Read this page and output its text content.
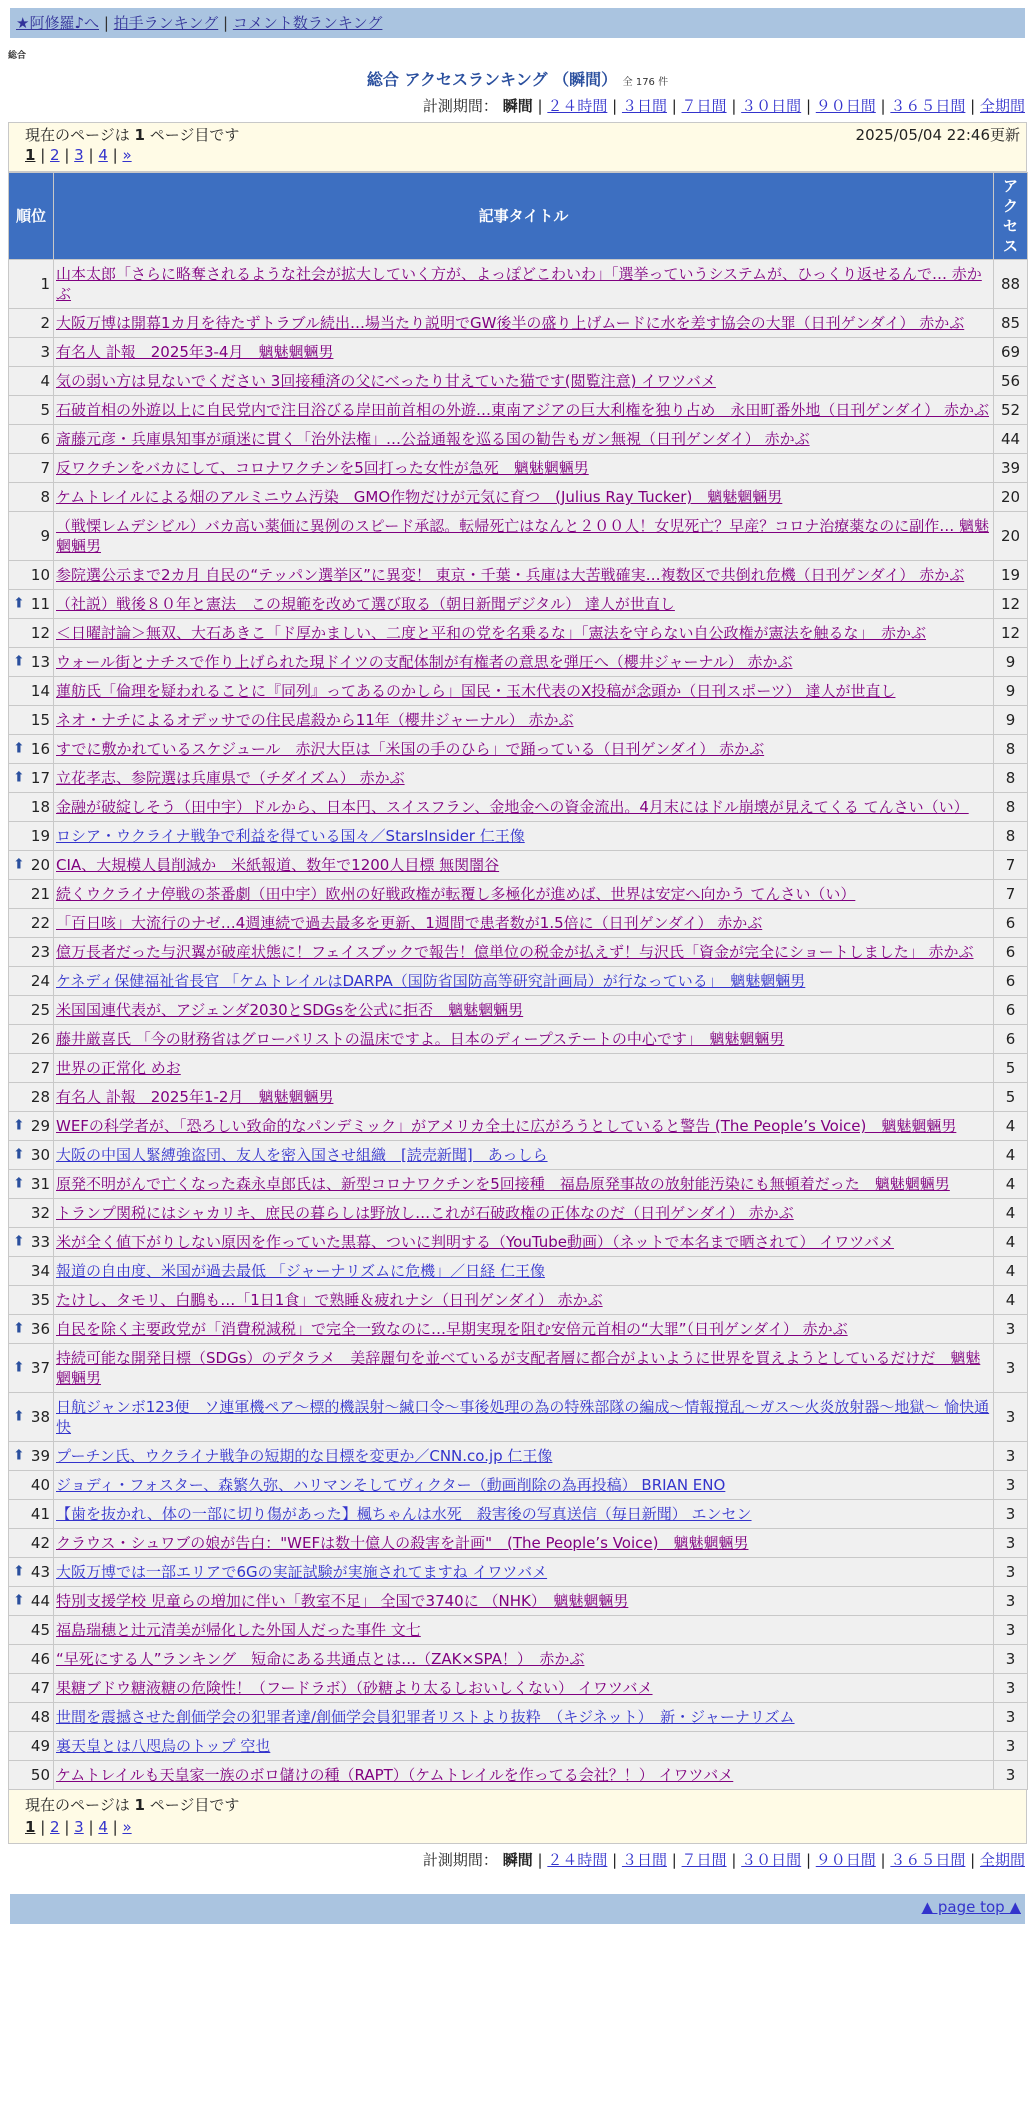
★阿修羅♪へ | 拍手ランキング | コメント数ランキング
総合
総合 アクセスランキング （瞬間） 全 176 件
計測期間： 瞬間 | ２４時間 | ３日間 | ７日間 | ３０日間 | ９０日間 | ３６５日間 | 全期間
現在のページは 1 ページ目です	2025/05/04 22:46更新
1 | 2 | 3 | 4 | »
順位	記事タイトル	アクセス
1	山本太郎「さらに略奪されるような社会が拡大していく方が、よっぽどこわいわ」「選挙っていうシステムが、ひっくり返せるんで… 赤かぶ	88
2	大阪万博は開幕1カ月を待たずトラブル続出…場当たり説明でGW後半の盛り上げムードに水を差す協会の大罪（日刊ゲンダイ） 赤かぶ	85
3	有名人 訃報　2025年3-4月　魑魅魍魎男	69
4	気の弱い方は見ないでください 3回接種済の父にべったり甘えていた猫です(閲覧注意) イワツバメ	56
5	石破首相の外遊以上に自民党内で注目浴びる岸田前首相の外遊…東南アジアの巨大利権を独り占め　永田町番外地（日刊ゲンダイ） 赤かぶ	52
6	斎藤元彦・兵庫県知事が頑迷に貫く「治外法権」…公益通報を巡る国の勧告もガン無視（日刊ゲンダイ） 赤かぶ	44
7	反ワクチンをバカにして、コロナワクチンを5回打った女性が急死　魑魅魍魎男	39
8	ケムトレイルによる畑のアルミニウム汚染　GMO作物だけが元気に育つ　(Julius Ray Tucker)　魑魅魍魎男	20
9	（戦慄レムデシビル）バカ高い薬価に異例のスピード承認。転帰死亡はなんと２００人！女児死亡？早産？コロナ治療薬なのに副作… 魑魅魍魎男	20
10	参院選公示まで2カ月 自民の“テッパン選挙区”に異変！ 東京・千葉・兵庫は大苦戦確実…複数区で共倒れ危機（日刊ゲンダイ） 赤かぶ	19

⬆ 11	（社説）戦後８０年と憲法　この規範を改めて選び取る（朝日新聞デジタル） 達人が世直し	12
12	＜日曜討論＞無双、大石あきこ「ド厚かましい、二度と平和の党を名乗るな」「憲法を守らない自公政権が憲法を触るな」　赤かぶ	12

⬆ 13	ウォール街とナチスで作り上げられた現ドイツの支配体制が有権者の意思を弾圧へ（櫻井ジャーナル） 赤かぶ	9
14	蓮舫氏「倫理を疑われることに『同列』ってあるのかしら」国民・玉木代表のX投稿が念頭か（日刊スポーツ） 達人が世直し	9
15	ネオ・ナチによるオデッサでの住民虐殺から11年（櫻井ジャーナル） 赤かぶ	9

⬆ 16	すでに敷かれているスケジュール　赤沢大臣は「米国の手のひら」で踊っている（日刊ゲンダイ） 赤かぶ	8

⬆ 17	立花孝志、参院選は兵庫県で（チダイズム） 赤かぶ	8
18	金融が破綻しそう（田中宇）ドルから、日本円、スイスフラン、金地金への資金流出。4月末にはドル崩壊が見えてくる てんさい（い）	8
19	ロシア・ウクライナ戦争で利益を得ている国々／StarsInsider 仁王像	8

⬆ 20	CIA、大規模人員削減か　米紙報道、数年で1200人目標 無関闇谷	7
21	続くウクライナ停戦の茶番劇（田中宇）欧州の好戦政権が転覆し多極化が進めば、世界は安定へ向かう てんさい（い）	7
22	「百日咳」大流行のナゼ…4週連続で過去最多を更新、1週間で患者数が1.5倍に（日刊ゲンダイ） 赤かぶ	6
23	億万長者だった与沢翼が破産状態に！フェイスブックで報告！億単位の税金が払えず！与沢氏「資金が完全にショートしました」 赤かぶ	6
24	ケネディ保健福祉省長官 「ケムトレイルはDARPA（国防省国防高等研究計画局）が行なっている」　魑魅魍魎男	6
25	米国国連代表が、アジェンダ2030とSDGsを公式に拒否　魑魅魍魎男	6
26	藤井厳喜氏 「今の財務省はグローバリストの温床ですよ。日本のディープステートの中心です」　魑魅魍魎男	6
27	世界の正常化 めお	5
28	有名人 訃報　2025年1-2月　魑魅魍魎男	5

⬆ 29	WEFの科学者が、「恐ろしい致命的なパンデミック」がアメリカ全土に広がろうとしていると警告 (The People’s Voice)　魑魅魍魎男	4

⬆ 30	大阪の中国人緊縛強盗団、友人を密入国させ組織　[読売新聞]　あっしら	4

⬆ 31	原発不明がんで亡くなった森永卓郎氏は、新型コロナワクチンを5回接種　福島原発事故の放射能汚染にも無頓着だった　魑魅魍魎男	4
32	トランプ関税にはシャカリキ、庶民の暮らしは野放し…これが石破政権の正体なのだ（日刊ゲンダイ） 赤かぶ	4

⬆ 33	米が全く値下がりしない原因を作っていた黒幕、ついに判明する（YouTube動画）（ネットで本名まで晒されて） イワツバメ	4
34	報道の自由度、米国が過去最低 「ジャーナリズムに危機」／日経 仁王像	4
35	たけし、タモリ、白鵬も…「1日1食」で熟睡＆疲れナシ（日刊ゲンダイ） 赤かぶ	4

⬆ 36	自民を除く主要政党が「消費税減税」で完全一致なのに…早期実現を阻む安倍元首相の“大罪”（日刊ゲンダイ） 赤かぶ	3

⬆ 37	持続可能な開発目標（SDGs）のデタラメ　美辞麗句を並べているが支配者層に都合がよいように世界を買えようとしているだけだ　魑魅魍魎男	3

⬆ 38	日航ジャンボ123便　ソ連軍機ペア～標的機誤射～緘口令～事後処理の為の特殊部隊の編成～情報撹乱～ガス～火炎放射器～地獄～ 愉快通快	3

⬆ 39	プーチン氏、ウクライナ戦争の短期的な目標を変更か／CNN.co.jp 仁王像	3
40	ジョディ・フォスター、森繁久弥、ハリマンそしてヴィクター（動画削除の為再投稿） BRIAN ENO	3
41	【歯を抜かれ、体の一部に切り傷があった】楓ちゃんは水死　殺害後の写真送信（毎日新聞） エンセン	3
42	クラウス・シュワブの娘が告白："WEFは数十億人の殺害を計画"　(The People’s Voice)　魑魅魍魎男	3

⬆ 43	大阪万博では一部エリアで6Gの実証試験が実施されてますね イワツバメ	3

⬆ 44	特別支援学校 児童らの増加に伴い「教室不足」 全国で3740に （NHK）　魑魅魍魎男	3
45	福島瑞穂と辻元清美が帰化した外国人だった事件 文七	3
46	“早死にする人”ランキング　短命にある共通点とは…（ZAK×SPA！）　赤かぶ	3
47	果糖ブドウ糖液糖の危険性！（フードラボ）（砂糖より太るしおいしくない） イワツバメ	3
48	世間を震撼させた創価学会の犯罪者達/創価学会員犯罪者リストより抜粋　（キジネット）　新・ジャーナリズム	3
49	裏天皇とは八咫烏のトップ 空也	3
50	ケムトレイルも天皇家一族のボロ儲けの種（RAPT）（ケムトレイルを作ってる会社？！） イワツバメ	3
現在のページは 1 ページ目です
1 | 2 | 3 | 4 | »
計測期間： 瞬間 | ２４時間 | ３日間 | ７日間 | ３０日間 | ９０日間 | ３６５日間 | 全期間
▲ page top ▲
